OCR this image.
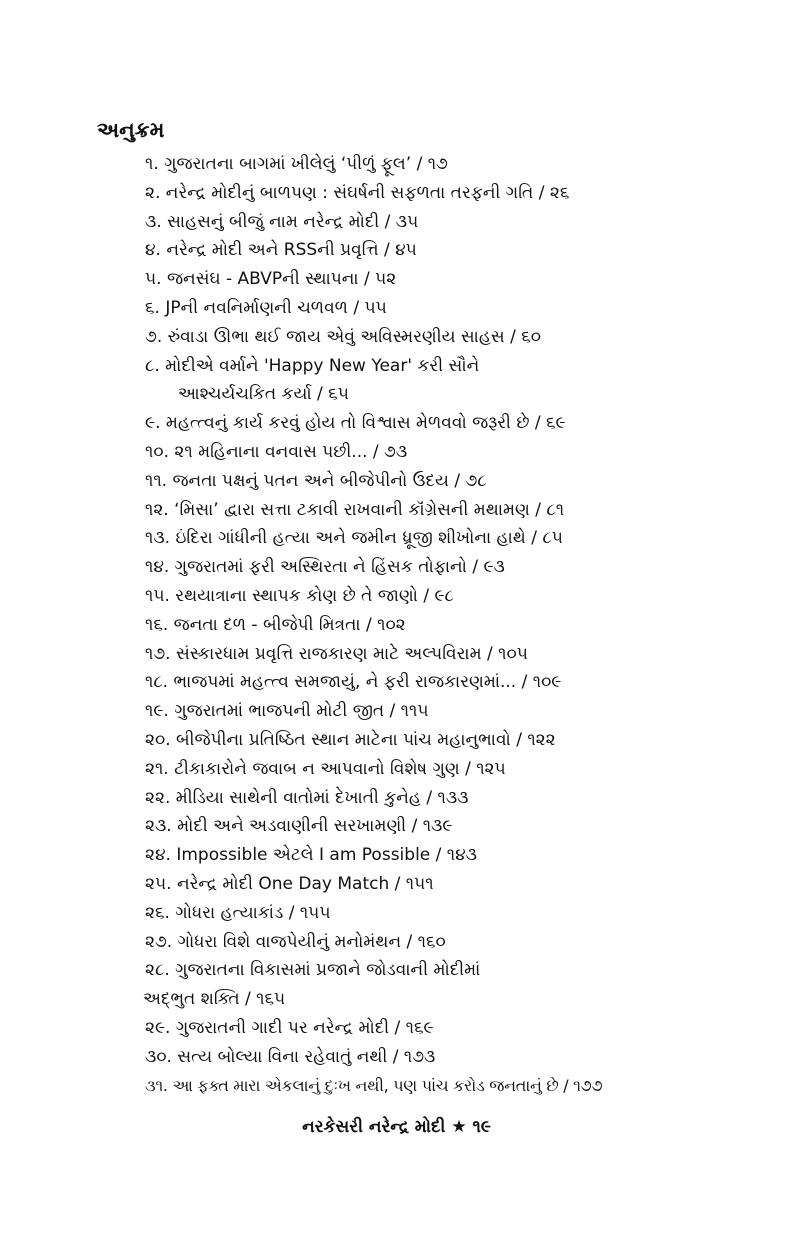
અનુક્રમ
૧. ગુજરાતના બાગમાં ખીલેલું ‘પીળું ફૂલ’ / ૧૭
૨. નરેન્દ્ર મોદીનું બાળપણ : સંઘર્ષની સફળતા તરફની ગતિ / ૨૬
૩. સાહસનું બીજું નામ નરેન્દ્ર મોદી / ૩૫
૪. નરેન્દ્ર મોદી અને RSSની પ્રવૃત્તિ / ૪૫
૫. જનસંઘ - ABVPની સ્થાપના / ૫૨
૬. JPની નવનિર્માણની ચળવળ / ૫૫
૭. રુંવાડા ઊભા થઈ જાય એવું અવિસ્મરણીય સાહસ / ૬૦
૮. મોદીએ વર્માને 'Happy New Year' કરી સૌને
આશ્ચર્યચકિત કર્યા / ૬૫
૯. મહત્ત્વનું કાર્ય કરવું હોય તો વિશ્વાસ મેળવવો જરૂરી છે / ૬૯
૧૦. ૨૧ મહિનાના વનવાસ પછી... / ૭૩
૧૧. જનતા પક્ષનું પતન અને બીજેપીનો ઉદય / ૭૮
૧૨. ‘મિસા’ દ્વારા સત્તા ટકાવી રાખવાની કૉંગ્રેસની મથામણ / ૮૧
૧૩. ઇંદિરા ગાંધીની હત્યા અને જમીન ધ્રૂજી શીખોના હાથે / ૮૫
૧૪. ગુજરાતમાં ફરી અસ્થિરતા ને હિંસક તોફાનો / ૯૩
૧૫. રથયાત્રાના સ્થાપક કોણ છે તે જાણો / ૯૮
૧૬. જનતા દળ - બીજેપી મિત્રતા / ૧૦૨
૧૭. સંસ્કારધામ પ્રવૃત્તિ રાજકારણ માટે અલ્પવિરામ / ૧૦૫
૧૮. ભાજપમાં મહત્ત્વ સમજાયું, ને ફરી રાજકારણમાં... / ૧૦૯
૧૯. ગુજરાતમાં ભાજપની મોટી જીત / ૧૧૫
૨૦. બીજેપીના પ્રતિષ્ઠિત સ્થાન માટેના પાંચ મહાનુભાવો / ૧૨૨
૨૧. ટીકાકારોને જવાબ ન આપવાનો વિશેષ ગુણ / ૧૨૫
૨૨. મીડિયા સાથેની વાતોમાં દેખાતી કુનેહ / ૧૩૩
૨૩. મોદી અને અડવાણીની સરખામણી / ૧૩૯
૨૪. Impossible એટલે I am Possible / ૧૪૩
૨૫. નરેન્દ્ર મોદી One Day Match / ૧૫૧
૨૬. ગોધરા હત્યાકાંડ / ૧૫૫
૨૭. ગોધરા વિશે વાજપેયીનું મનોમંથન / ૧૬૦
૨૮. ગુજરાતના વિકાસમાં પ્રજાને જોડવાની મોદીમાં
અદ્ભુત શક્તિ / ૧૬૫
૨૯. ગુજરાતની ગાદી પર નરેન્દ્ર મોદી / ૧૬૯
૩૦. સત્ય બોલ્યા વિના રહેવાતું નથી / ૧૭૩
૩૧. આ ફક્ત મારા એકલાનું દુઃખ નથી, પણ પાંચ કરોડ જનતાનું છે / ૧૭૭
નરકેસરી નરેન્દ્ર મોદી ★ ૧૯
